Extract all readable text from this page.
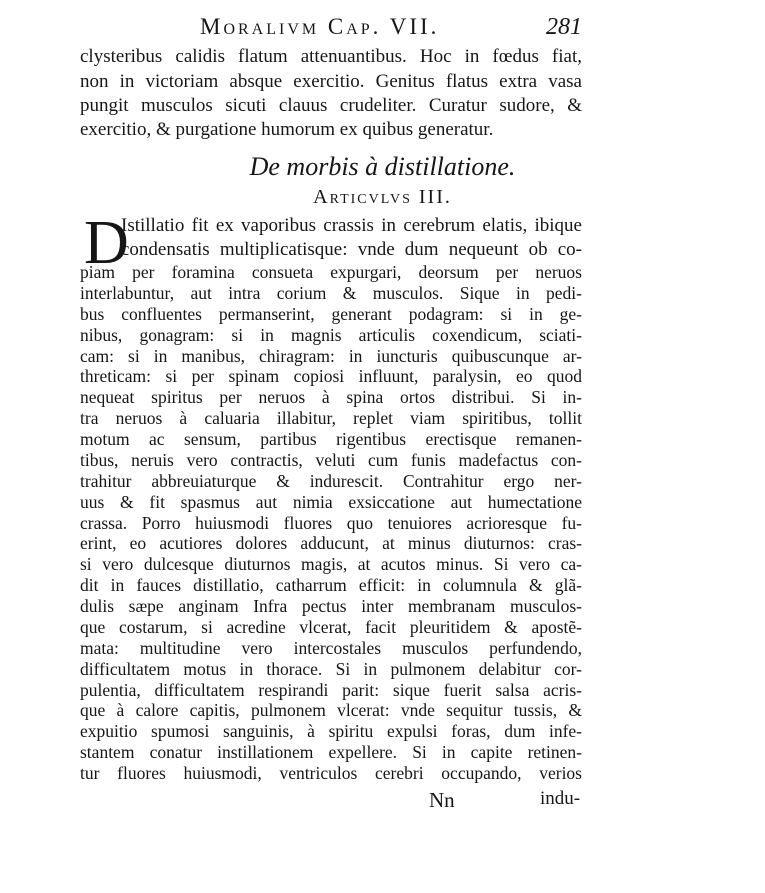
Moralivm Cap. VII.	281
clysteribus calidis flatum attenuantibus. Hoc in fœdus fiat,
non in victoriam absque exercitio. Genitus flatus extra vasa
pungit musculos sicuti clauus crudeliter. Curatur sudore, &
exercitio, & purgatione humorum ex quibus generatur.
De morbis à distillatione.
Articvlvs III.
D
Istillatio fit ex vaporibus crassis in cerebrum elatis, ibique
condensatis multiplicatisque: vnde dum nequeunt ob co-
piam per foramina consueta expurgari, deorsum per neruos
interlabuntur, aut intra corium & musculos. Sique in pedi-
bus confluentes permanserint, generant podagram: si in ge-
nibus, gonagram: si in magnis articulis coxendicum, sciati-
cam: si in manibus, chiragram: in iuncturis quibuscunque ar-
threticam: si per spinam copiosi influunt, paralysin, eo quod
nequeat spiritus per neruos à spina ortos distribui. Si in-
tra neruos à caluaria illabitur, replet viam spiritibus, tollit
motum ac sensum, partibus rigentibus erectisque remanen-
tibus, neruis vero contractis, veluti cum funis madefactus con-
trahitur abbreuiaturque & indurescit. Contrahitur ergo ner-
uus & fit spasmus aut nimia exsiccatione aut humectatione
crassa. Porro huiusmodi fluores quo tenuiores acrioresque fu-
erint, eo acutiores dolores adducunt, at minus diuturnos: cras-
si vero dulcesque diuturnos magis, at acutos minus. Si vero ca-
dit in fauces distillatio, catharrum efficit: in columnula & glã-
dulis sæpe anginam Infra pectus inter membranam musculos-
que costarum, si acredine vlcerat, facit pleuritidem & apostẽ-
mata: multitudine vero intercostales musculos perfundendo,
difficultatem motus in thorace. Si in pulmonem delabitur cor-
pulentia, difficultatem respirandi parit: sique fuerit salsa acris-
que à calore capitis, pulmonem vlcerat: vnde sequitur tussis, &
Nn	indu-
expuitio spumosi sanguinis, à spiritu expulsi foras, dum infe-
stantem conatur instillationem expellere. Si in capite retinen-
tur fluores huiusmodi, ventriculos cerebri occupando, verios
